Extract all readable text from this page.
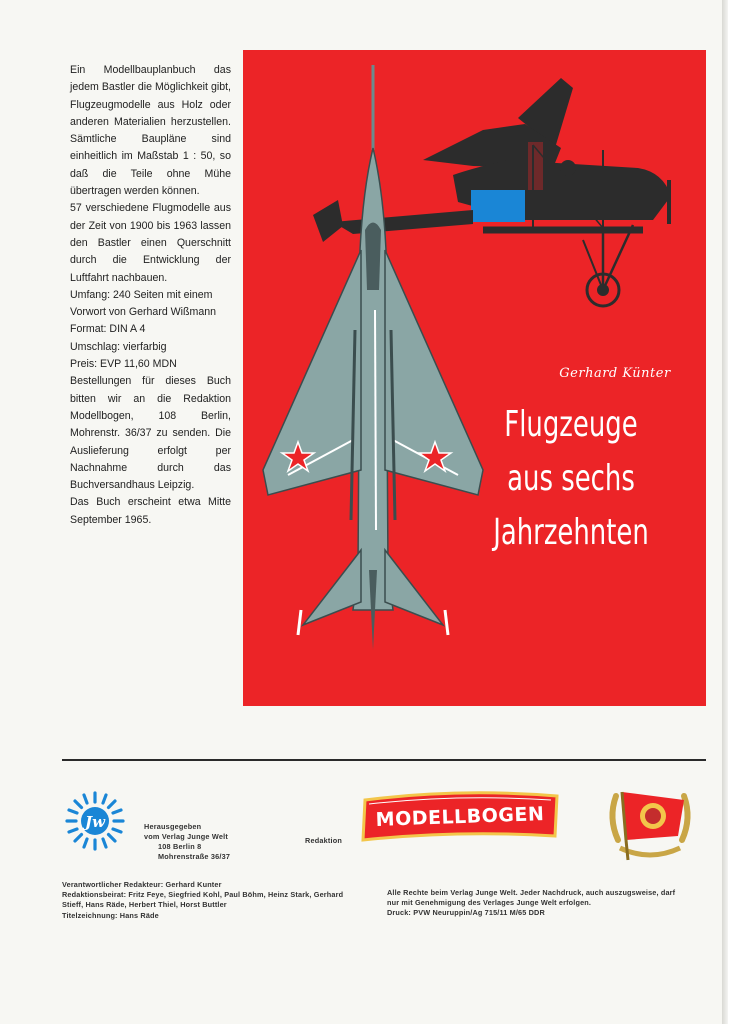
Ein Modellbauplanbuch das jedem Bastler die Möglichkeit gibt, Flugzeugmodelle aus Holz oder anderen Materialien herzustellen. Sämtliche Baupläne sind einheitlich im Maßstab 1 : 50, so daß die Teile ohne Mühe übertragen werden können.

57 verschiedene Flugmodelle aus der Zeit von 1900 bis 1963 lassen den Bastler einen Querschnitt durch die Entwicklung der Luftfahrt nachbauen.

Umfang: 240 Seiten mit einem Vorwort von Gerhard Wißmann

Format: DIN A 4

Umschlag: vierfarbig

Preis: EVP 11,60 MDN

Bestellungen für dieses Buch bitten wir an die Redaktion Modellbogen, 108 Berlin, Mohrenstr. 36/37 zu senden. Die Auslieferung erfolgt per Nachnahme durch das Buchversandhaus Leipzig.

Das Buch erscheint etwa Mitte September 1965.

Gerhard Künter
Flugzeuge
aus sechs
Jahrzehnten
Jw	Herausgegeben
vom Verlag Junge Welt
108 Berlin 8
Mohrenstraße 36/37
Redaktion
MODELLBOGEN
Verantwortlicher Redakteur: Gerhard Kunter
Redaktionsbeirat: Fritz Feye, Siegfried Kohl, Paul Böhm, Heinz Stark, Gerhard
Stieff, Hans Räde, Herbert Thiel, Horst Buttler
Titelzeichnung: Hans Räde
Alle Rechte beim Verlag Junge Welt. Jeder Nachdruck, auch auszugsweise, darf
nur mit Genehmigung des Verlages Junge Welt erfolgen.
Druck: PVW Neuruppin/Ag 715/11 M/65 DDR
